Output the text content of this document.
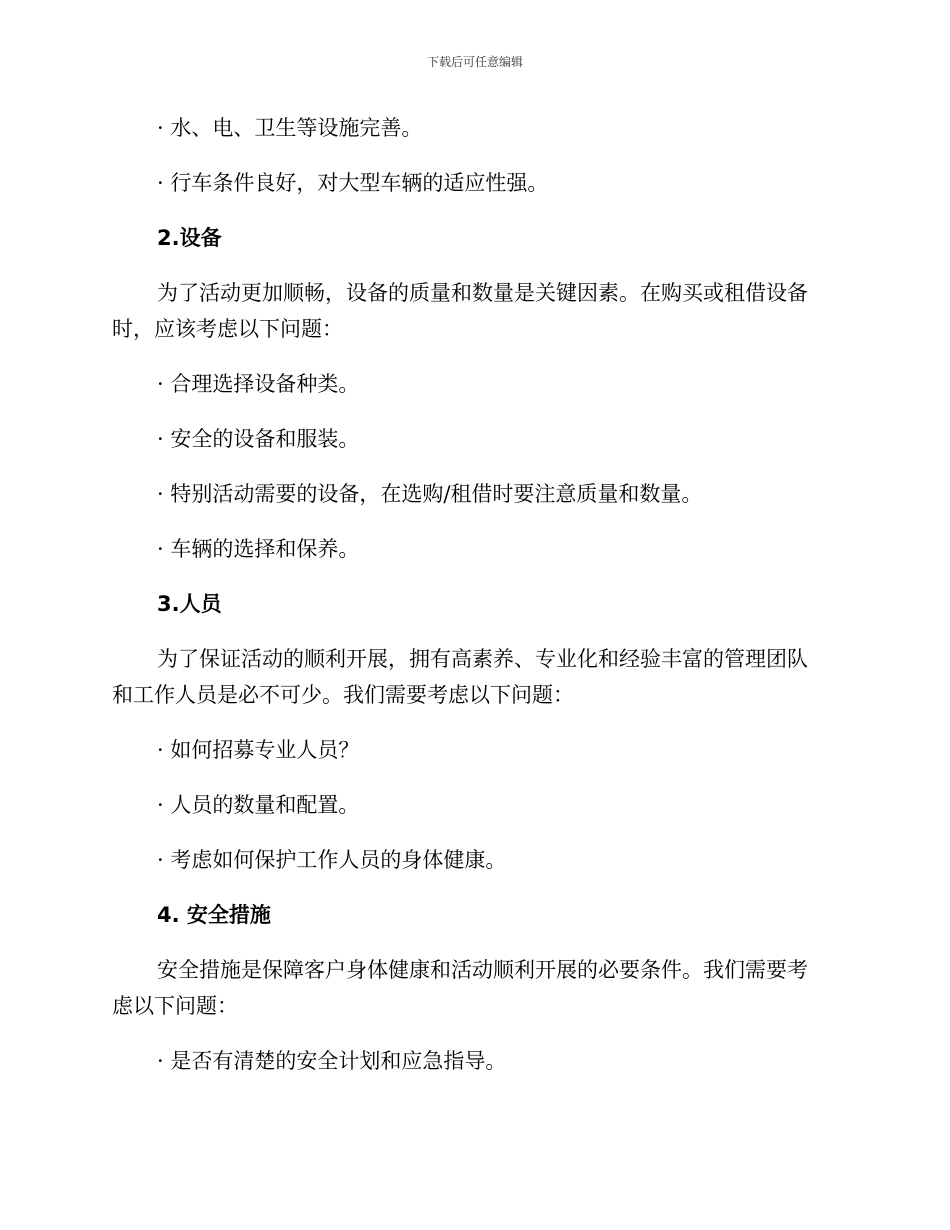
下载后可任意编辑

· 水、电、卫生等设施完善。

· 行车条件良好，对大型车辆的适应性强。

2.设备

为了活动更加顺畅，设备的质量和数量是关键因素。在购买或租借设备
时，应该考虑以下问题：

· 合理选择设备种类。

· 安全的设备和服装。

· 特别活动需要的设备，在选购/租借时要注意质量和数量。

· 车辆的选择和保养。

3.人员

为了保证活动的顺利开展，拥有高素养、专业化和经验丰富的管理团队
和工作人员是必不可少。我们需要考虑以下问题：

· 如何招募专业人员？

· 人员的数量和配置。

· 考虑如何保护工作人员的身体健康。

4. 安全措施

安全措施是保障客户身体健康和活动顺利开展的必要条件。我们需要考
虑以下问题：

· 是否有清楚的安全计划和应急指导。
